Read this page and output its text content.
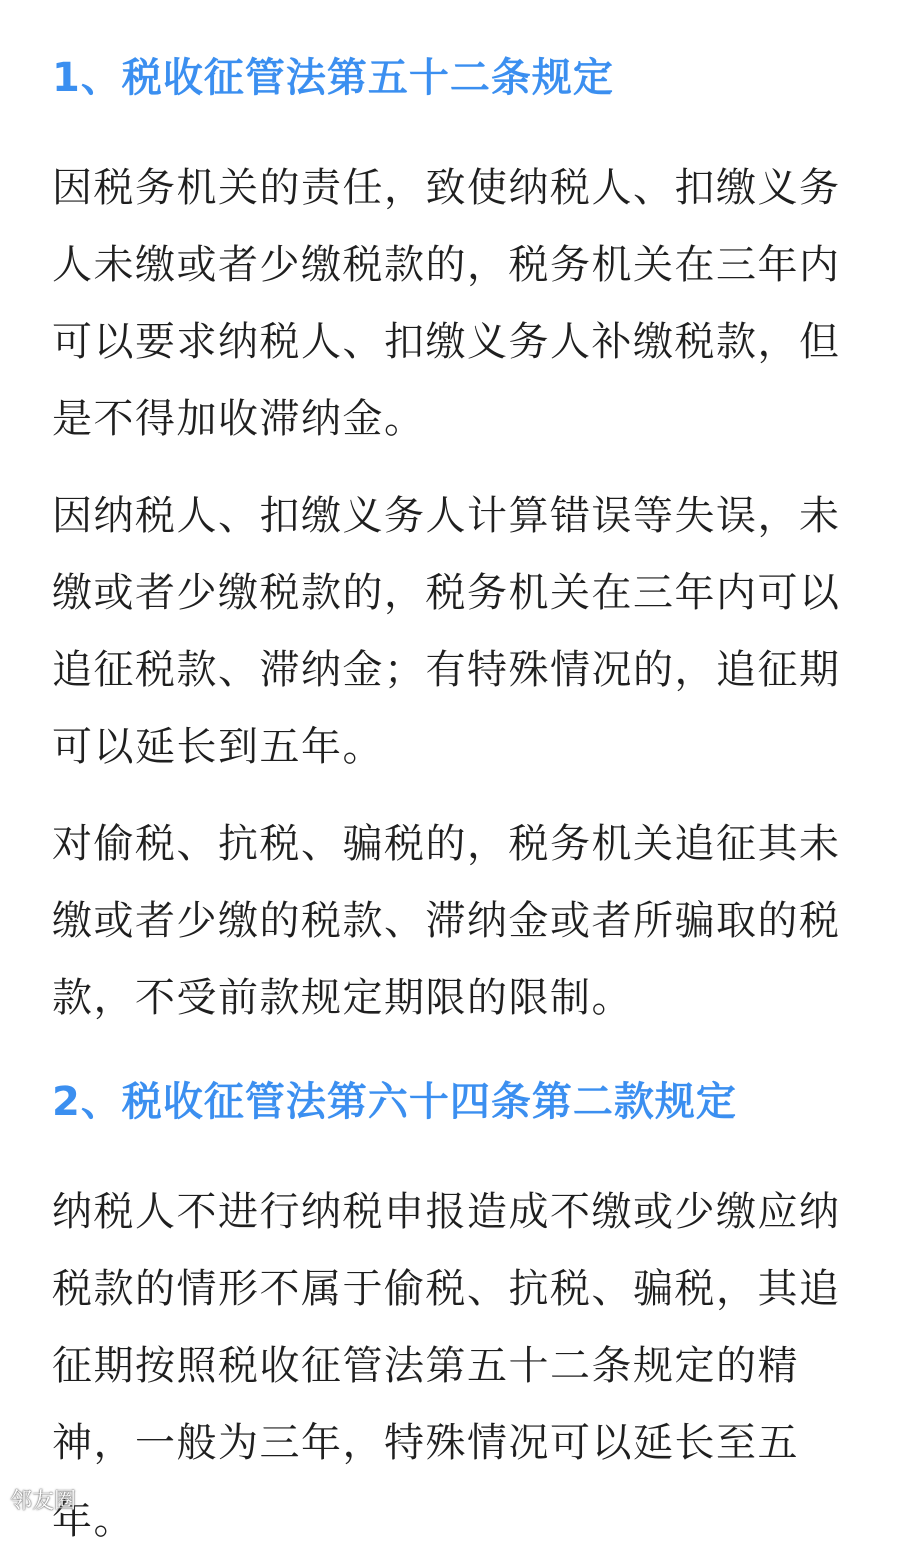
1、税收征管法第五十二条规定
因税务机关的责任，致使纳税人、扣缴义务人未缴或者少缴税款的，税务机关在三年内可以要求纳税人、扣缴义务人补缴税款，但是不得加收滞纳金。
因纳税人、扣缴义务人计算错误等失误，未缴或者少缴税款的，税务机关在三年内可以追征税款、滞纳金；有特殊情况的，追征期可以延长到五年。
对偷税、抗税、骗税的，税务机关追征其未缴或者少缴的税款、滞纳金或者所骗取的税款，不受前款规定期限的限制。
2、税收征管法第六十四条第二款规定
纳税人不进行纳税申报造成不缴或少缴应纳税款的情形不属于偷税、抗税、骗税，其追征期按照税收征管法第五十二条规定的精神，一般为三年，特殊情况可以延长至五年。
邻友圈
